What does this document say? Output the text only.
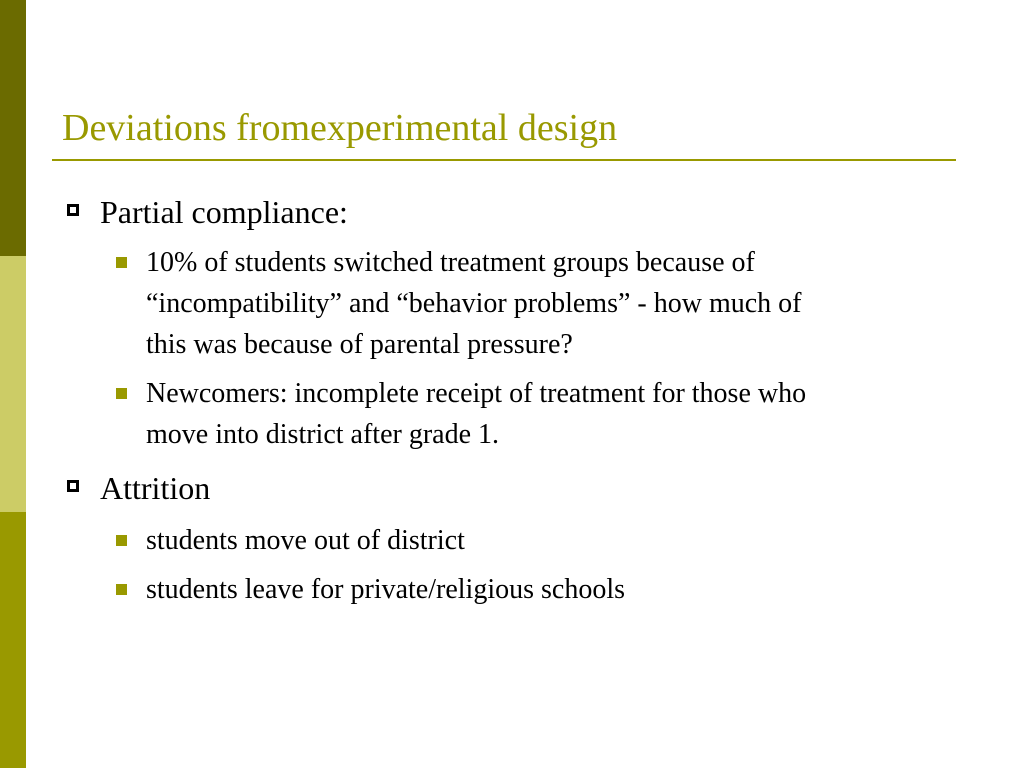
Deviations fromexperimental design
Partial compliance:
10% of students switched treatment groups because of
“incompatibility” and “behavior problems” - how much of
this was because of parental pressure?
Newcomers: incomplete receipt of treatment for those who
move into district after grade 1.
Attrition
students move out of district
students leave for private/religious schools
